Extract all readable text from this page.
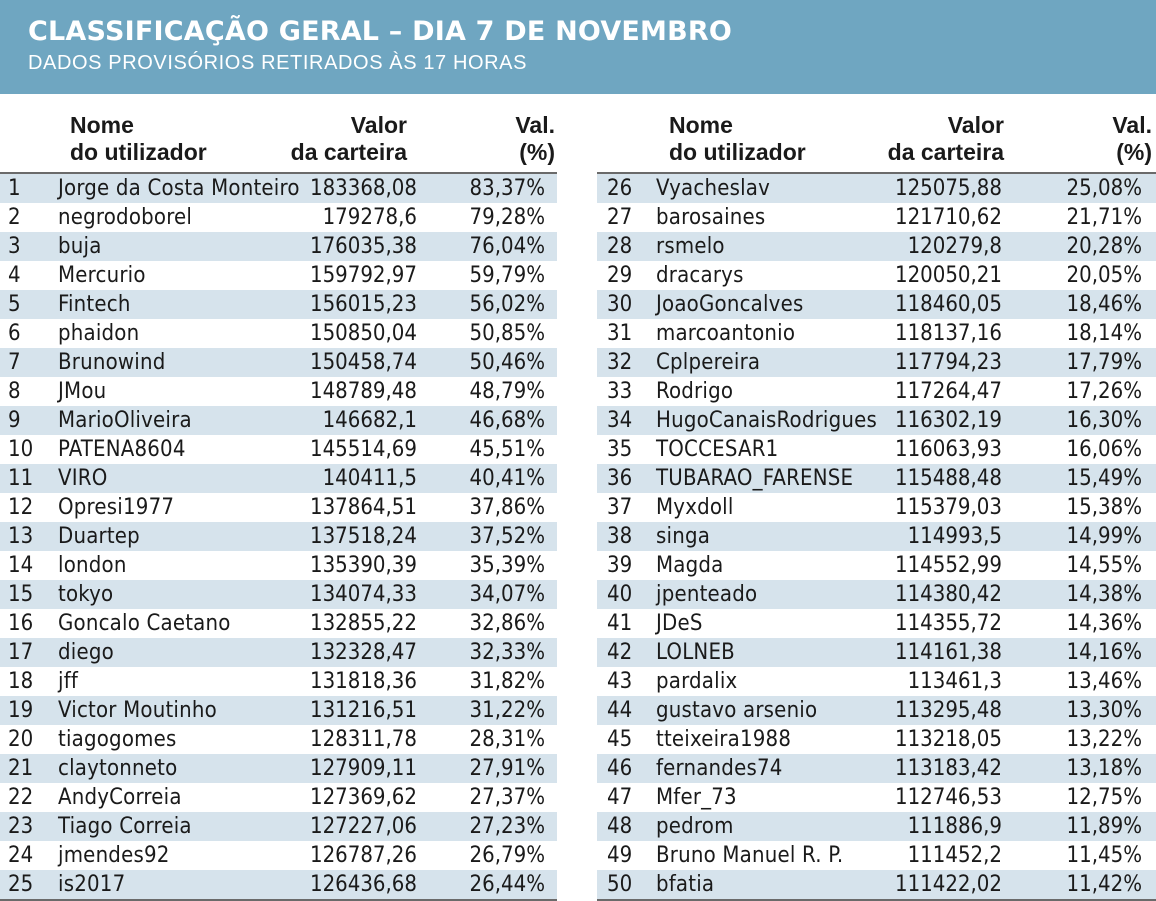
CLASSIFICAÇÃO GERAL – DIA 7 DE NOVEMBRO
DADOS PROVISÓRIOS RETIRADOS ÀS 17 HORAS
Nome
do utilizador
Valor
da carteira
Val.
(%)
1 Jorge da Costa Monteiro 183368,08 83,37%
2 negrodoborel	179278,6 79,28%
3 buja	176035,38 76,04%
4 Mercurio	159792,97 59,79%
5 Fintech	156015,23 56,02%
6 phaidon	150850,04 50,85%
7 Brunowind	150458,74 50,46%
8 JMou	148789,48 48,79%
9 MarioOliveira	146682,1 46,68%
10 PATENA8604	145514,69 45,51%
11 VIRO	140411,5 40,41%
12 Opresi1977	137864,51 37,86%
13 Duartep	137518,24 37,52%
14 london	135390,39 35,39%
15 tokyo	134074,33 34,07%
16 Goncalo Caetano	132855,22 32,86%
17 diego	132328,47 32,33%
18 jff	131818,36 31,82%
19 Victor Moutinho	131216,51 31,22%
20 tiagogomes	128311,78 28,31%
21 claytonneto	127909,11 27,91%
22 AndyCorreia	127369,62 27,37%
23 Tiago Correia	127227,06 27,23%
24 jmendes92	126787,26 26,79%
25 is2017	126436,68 26,44%
Nome
do utilizador
Valor
da carteira
Val.
(%)
26 Vyacheslav	125075,88	25,08%
27 barosaines	121710,62	21,71%
28 rsmelo	120279,8	20,28%
29 dracarys	120050,21	20,05%
30 JoaoGoncalves	118460,05	18,46%
31 marcoantonio	118137,16	18,14%
32 Cplpereira	117794,23	17,79%
33 Rodrigo	117264,47	17,26%
34 HugoCanaisRodrigues 116302,19	16,30%
35 TOCCESAR1	116063,93	16,06%
36 TUBARAO_FARENSE 115488,48	15,49%
37 Myxdoll	115379,03	15,38%
38 singa	114993,5	14,99%
39 Magda	114552,99	14,55%
40 jpenteado	114380,42	14,38%
41 JDeS	114355,72	14,36%
42 LOLNEB	114161,38	14,16%
43 pardalix	113461,3	13,46%
44 gustavo arsenio	113295,48	13,30%
45 tteixeira1988	113218,05	13,22%
46 fernandes74	113183,42	13,18%
47 Mfer_73	112746,53	12,75%
48 pedrom	111886,9	11,89%
49 Bruno Manuel R. P.	111452,2	11,45%
50 bfatia	111422,02	11,42%
